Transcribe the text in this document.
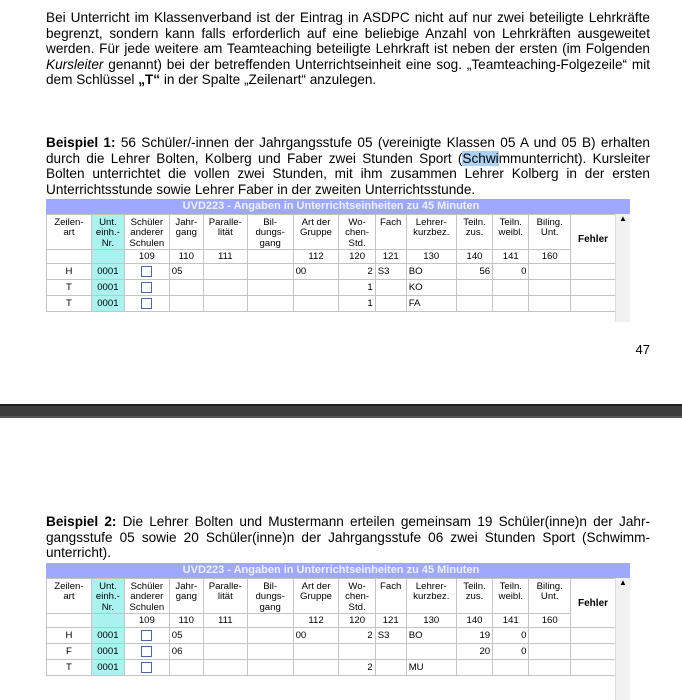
Bei Unterricht im Klassenverband ist der Eintrag in ASDPC nicht auf nur zwei beteiligte Lehrkräfte begrenzt, sondern kann falls erforderlich auf eine beliebige Anzahl von Lehrkräften ausgeweitet werden. Für jede weitere am Teamteaching beteiligte Lehrkraft ist neben der ersten (im Folgenden Kursleiter genannt) bei der betreffenden Unterrichtseinheit eine sog. „Teamteaching-Folgezeile“ mit dem Schlüssel „T“ in der Spalte „Zeilenart“ anzulegen.
Beispiel 1: 56 Schüler/-innen der Jahrgangsstufe 05 (vereinigte Klassen 05 A und 05 B) erhalten durch die Lehrer Bolten, Kolberg und Faber zwei Stunden Sport (Schwimmunterricht). Kursleiter Bolten unterrichtet die vollen zwei Stunden, mit ihm zusammen Lehrer Kolberg in der ersten Unterrichtsstunde sowie Lehrer Faber in der zweiten Unterrichtsstunde.
UVD223 - Angaben in Unterrichtseinheiten zu 45 Minuten
▲
Zeilen-art	Unt. einh.- Nr.	Schüler anderer Schulen	Jahr-gang	Paralle-lität	Bil-dungs-gang	Art der Gruppe	Wo-chen-Std.	Fach	Lehrer-kurzbez.	Teiln. zus.	Teiln. weibl.	Biling. Unt.	Fehler
		109	110	111		112	120	121	130	140	141	160	
H	0001		05			00	2	S3	BO	56	0		
T	0001						1		KO				
T	0001						1		FA				
47
Beispiel 2: Die Lehrer Bolten und Mustermann erteilen gemeinsam 19 Schüler(inne)n der Jahrgangsstufe 05 sowie 20 Schüler(inne)n der Jahrgangsstufe 06 zwei Stunden Sport (Schwimmunterricht).
UVD223 - Angaben in Unterrichtseinheiten zu 45 Minuten
▲
Zeilen-art	Unt. einh.- Nr.	Schüler anderer Schulen	Jahr-gang	Paralle-lität	Bil-dungs-gang	Art der Gruppe	Wo-chen-Std.	Fach	Lehrer-kurzbez.	Teiln. zus.	Teiln. weibl.	Biling. Unt.	Fehler
		109	110	111		112	120	121	130	140	141	160	
H	0001		05			00	2	S3	BO	19	0		
F	0001		06							20	0		
T	0001						2		MU				
